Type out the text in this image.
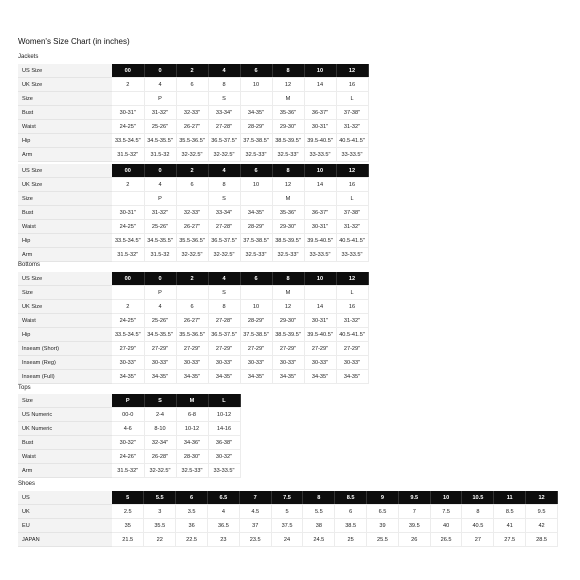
Women's Size Chart (in inches)
Jackets
US Size	00	0	2	4	6	8	10	12
UK Size	2	4	6	8	10	12	14	16
Size		P		S		M		L
Bust	30-31"	31-32"	32-33"	33-34"	34-35"	35-36"	36-37"	37-38"
Waist	24-25"	25-26"	26-27"	27-28"	28-29"	29-30"	30-31"	31-32"
Hip	33.5-34.5"	34.5-35.5"	35.5-36.5"	36.5-37.5"	37.5-38.5"	38.5-39.5"	39.5-40.5"	40.5-41.5"
Arm	31.5-32"	31.5-32	32-32.5"	32-32.5"	32.5-33"	32.5-33"	33-33.5"	33-33.5"
US Size	00	0	2	4	6	8	10	12
UK Size	2	4	6	8	10	12	14	16
Size		P		S		M		L
Bust	30-31"	31-32"	32-33"	33-34"	34-35"	35-36"	36-37"	37-38"
Waist	24-25"	25-26"	26-27"	27-28"	28-29"	29-30"	30-31"	31-32"
Hip	33.5-34.5"	34.5-35.5"	35.5-36.5"	36.5-37.5"	37.5-38.5"	38.5-39.5"	39.5-40.5"	40.5-41.5"
Arm	31.5-32"	31.5-32	32-32.5"	32-32.5"	32.5-33"	32.5-33"	33-33.5"	33-33.5"
Bottoms
US Size	00	0	2	4	6	8	10	12
Size		P		S		M		L
UK Size	2	4	6	8	10	12	14	16
Waist	24-25"	25-26"	26-27"	27-28"	28-29"	29-30"	30-31"	31-32"
Hip	33.5-34.5"	34.5-35.5"	35.5-36.5"	36.5-37.5"	37.5-38.5"	38.5-39.5"	39.5-40.5"	40.5-41.5"
Inseam (Short)	27-29"	27-29"	27-29"	27-29"	27-29"	27-29"	27-29"	27-29"
Inseam (Reg)	30-33"	30-33"	30-33"	30-33"	30-33"	30-33"	30-33"	30-33"
Inseam (Full)	34-35"	34-35"	34-35"	34-35"	34-35"	34-35"	34-35"	34-35"
Tops
Size	P	S	M	L
US Numeric	00-0	2-4	6-8	10-12
UK Numeric	4-6	8-10	10-12	14-16
Bust	30-32"	32-34"	34-36"	36-38"
Waist	24-26"	26-28"	28-30"	30-32"
Arm	31.5-32"	32-32.5"	32.5-33"	33-33.5"
Shoes
US	5	5.5	6	6.5	7	7.5	8	8.5	9	9.5	10	10.5	11	12
UK	2.5	3	3.5	4	4.5	5	5.5	6	6.5	7	7.5	8	8.5	9.5
EU	35	35.5	36	36.5	37	37.5	38	38.5	39	39.5	40	40.5	41	42
JAPAN	21.5	22	22.5	23	23.5	24	24.5	25	25.5	26	26.5	27	27.5	28.5
